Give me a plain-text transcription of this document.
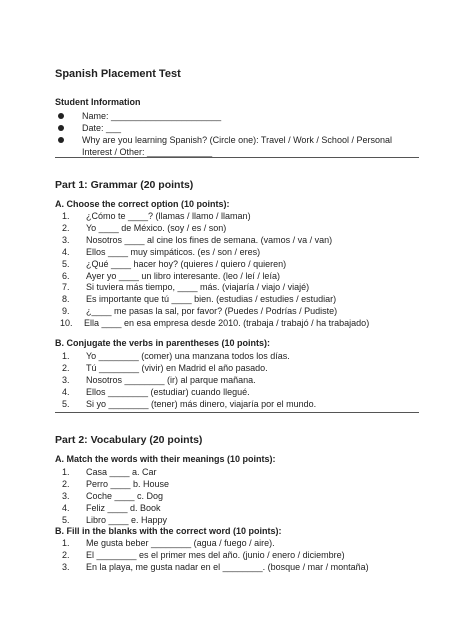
Spanish Placement Test
Student Information
Name: ______________________
Date: ___
Why are you learning Spanish? (Circle one): Travel / Work / School / Personal
Interest / Other: _____________
Part 1: Grammar (20 points)
A. Choose the correct option (10 points):
1.	¿Cómo te ____? (llamas / llamo / llaman)
2.	Yo ____ de México. (soy / es / son)
3.	Nosotros ____ al cine los fines de semana. (vamos / va / van)
4.	Ellos ____ muy simpáticos. (es / son / eres)
5.	¿Qué ____ hacer hoy? (quieres / quiero / quieren)
6.	Ayer yo ____ un libro interesante. (leo / leí / leía)
7.	Si tuviera más tiempo, ____ más. (viajaría / viajo / viajé)
8.	Es importante que tú ____ bien. (estudias / estudies / estudiar)
9.	¿____ me pasas la sal, por favor? (Puedes / Podrías / Pudiste)
10.	Ella ____ en esa empresa desde 2010. (trabaja / trabajó / ha trabajado)
B. Conjugate the verbs in parentheses (10 points):
1.	Yo ________ (comer) una manzana todos los días.
2.	Tú ________ (vivir) en Madrid el año pasado.
3.	Nosotros ________ (ir) al parque mañana.
4.	Ellos ________ (estudiar) cuando llegué.
5.	Si yo ________ (tener) más dinero, viajaría por el mundo.
Part 2: Vocabulary (20 points)
A. Match the words with their meanings (10 points):
1.	Casa ____ a. Car
2.	Perro ____ b. House
3.	Coche ____ c. Dog
4.	Feliz ____ d. Book
5.	Libro ____ e. Happy
B. Fill in the blanks with the correct word (10 points):
1.	Me gusta beber ________ (agua / fuego / aire).
2.	El ________ es el primer mes del año. (junio / enero / diciembre)
3.	En la playa, me gusta nadar en el ________. (bosque / mar / montaña)
